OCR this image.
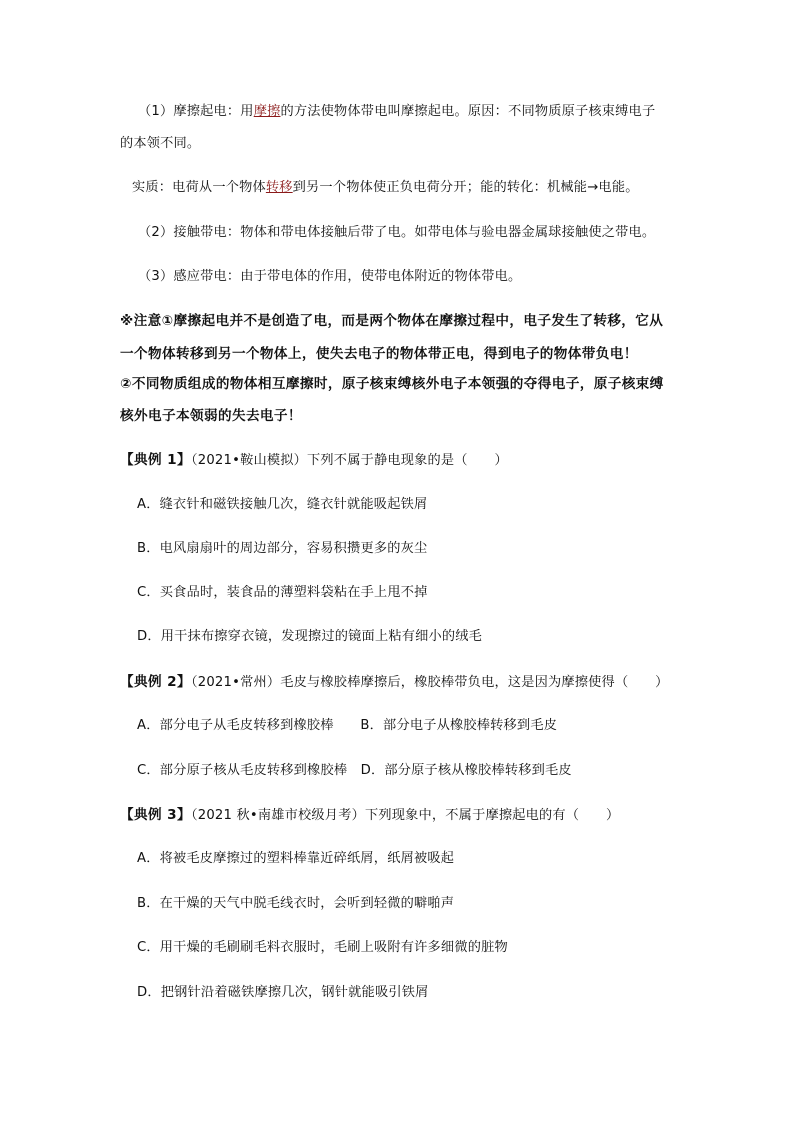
（1）摩擦起电：用摩擦的方法使物体带电叫摩擦起电。原因：不同物质原子核束缚电子
的本领不同。
实质：电荷从一个物体转移到另一个物体使正负电荷分开；能的转化：机械能→电能。
（2）接触带电：物体和带电体接触后带了电。如带电体与验电器金属球接触使之带电。
（3）感应带电：由于带电体的作用，使带电体附近的物体带电。
※注意①摩擦起电并不是创造了电，而是两个物体在摩擦过程中，电子发生了转移，它从
一个物体转移到另一个物体上，使失去电子的物体带正电，得到电子的物体带负电！
②不同物质组成的物体相互摩擦时，原子核束缚核外电子本领强的夺得电子，原子核束缚
核外电子本领弱的失去电子！
【典例 1】（2021•鞍山模拟）下列不属于静电现象的是（　　）
A．缝衣针和磁铁接触几次，缝衣针就能吸起铁屑
B．电风扇扇叶的周边部分，容易积攒更多的灰尘
C．买食品时，装食品的薄塑料袋粘在手上甩不掉
D．用干抹布擦穿衣镜，发现擦过的镜面上粘有细小的绒毛
【典例 2】（2021•常州）毛皮与橡胶棒摩擦后，橡胶棒带负电，这是因为摩擦使得（　　）
A．部分电子从毛皮转移到橡胶棒　　B．部分电子从橡胶棒转移到毛皮
C．部分原子核从毛皮转移到橡胶棒　D．部分原子核从橡胶棒转移到毛皮
【典例 3】（2021 秋•南雄市校级月考）下列现象中，不属于摩擦起电的有（　　）
A．将被毛皮摩擦过的塑料棒靠近碎纸屑，纸屑被吸起
B．在干燥的天气中脱毛线衣时，会听到轻微的噼啪声
C．用干燥的毛刷刷毛料衣服时，毛刷上吸附有许多细微的脏物
D．把钢针沿着磁铁摩擦几次，钢针就能吸引铁屑
